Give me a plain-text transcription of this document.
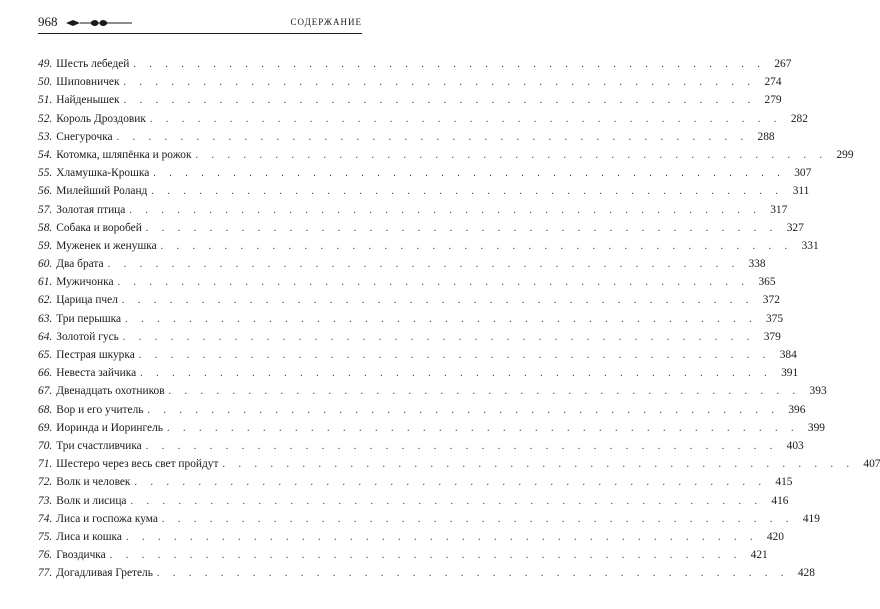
968	СОДЕРЖАНИЕ
49. Шесть лебедей . . . . . . . . . . . . . . . . . . . . . . . . . . . . . . . . . . . . . . . . 267
50. Шиповничек . . . . . . . . . . . . . . . . . . . . . . . . . . . . . . . . . . . . . . . . 274
51. Найденышек . . . . . . . . . . . . . . . . . . . . . . . . . . . . . . . . . . . . . . . . 279
52. Король Дроздовик . . . . . . . . . . . . . . . . . . . . . . . . . . . . . . . . . . . . . . . . 282
53. Снегурочка . . . . . . . . . . . . . . . . . . . . . . . . . . . . . . . . . . . . . . . . 288
54. Котомка, шляпёнка и рожок . . . . . . . . . . . . . . . . . . . . . . . . . . . . . . . . . . . . . . . . 299
55. Хламушка-Крошка . . . . . . . . . . . . . . . . . . . . . . . . . . . . . . . . . . . . . . . . 307
56. Милейший Роланд . . . . . . . . . . . . . . . . . . . . . . . . . . . . . . . . . . . . . . . . 311
57. Золотая птица . . . . . . . . . . . . . . . . . . . . . . . . . . . . . . . . . . . . . . . . 317
58. Собака и воробей . . . . . . . . . . . . . . . . . . . . . . . . . . . . . . . . . . . . . . . . 327
59. Муженек и женушка . . . . . . . . . . . . . . . . . . . . . . . . . . . . . . . . . . . . . . . . 331
60. Два брата . . . . . . . . . . . . . . . . . . . . . . . . . . . . . . . . . . . . . . . . 338
61. Мужичонка . . . . . . . . . . . . . . . . . . . . . . . . . . . . . . . . . . . . . . . . 365
62. Царица пчел . . . . . . . . . . . . . . . . . . . . . . . . . . . . . . . . . . . . . . . . 372
63. Три перышка . . . . . . . . . . . . . . . . . . . . . . . . . . . . . . . . . . . . . . . . 375
64. Золотой гусь . . . . . . . . . . . . . . . . . . . . . . . . . . . . . . . . . . . . . . . . 379
65. Пестрая шкурка . . . . . . . . . . . . . . . . . . . . . . . . . . . . . . . . . . . . . . . . 384
66. Невеста зайчика . . . . . . . . . . . . . . . . . . . . . . . . . . . . . . . . . . . . . . . . 391
67. Двенадцать охотников . . . . . . . . . . . . . . . . . . . . . . . . . . . . . . . . . . . . . . . . 393
68. Вор и его учитель . . . . . . . . . . . . . . . . . . . . . . . . . . . . . . . . . . . . . . . . 396
69. Иоринда и Иорингель . . . . . . . . . . . . . . . . . . . . . . . . . . . . . . . . . . . . . . . . 399
70. Три счастливчика . . . . . . . . . . . . . . . . . . . . . . . . . . . . . . . . . . . . . . . . 403
71. Шестеро через весь свет пройдут . . . . . . . . . . . . . . . . . . . . . . . . . . . . . . . . . . . . . . . . 407
72. Волк и человек . . . . . . . . . . . . . . . . . . . . . . . . . . . . . . . . . . . . . . . . 415
73. Волк и лисица . . . . . . . . . . . . . . . . . . . . . . . . . . . . . . . . . . . . . . . . 416
74. Лиса и госпожа кума . . . . . . . . . . . . . . . . . . . . . . . . . . . . . . . . . . . . . . . . 419
75. Лиса и кошка . . . . . . . . . . . . . . . . . . . . . . . . . . . . . . . . . . . . . . . . 420
76. Гвоздичка . . . . . . . . . . . . . . . . . . . . . . . . . . . . . . . . . . . . . . . . 421
77. Догадливая Гретель . . . . . . . . . . . . . . . . . . . . . . . . . . . . . . . . . . . . . . . . 428
